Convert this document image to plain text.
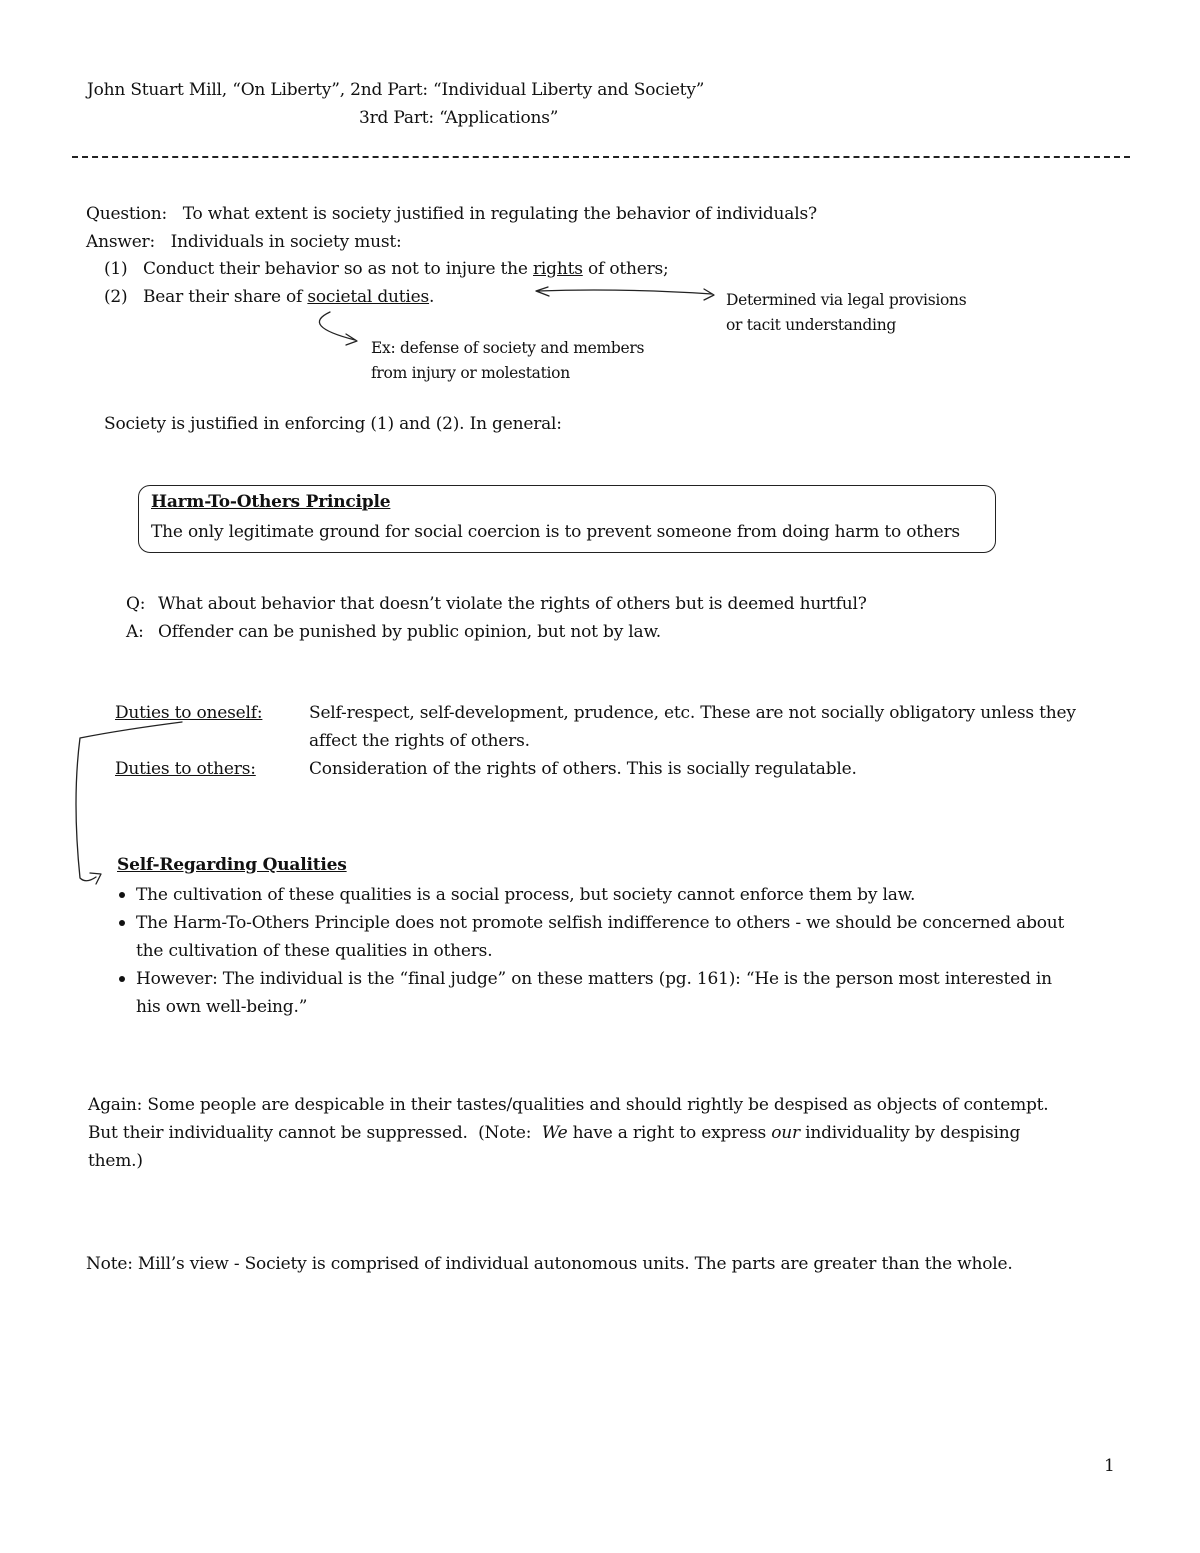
John Stuart Mill, “On Liberty”, 2nd Part: “Individual Liberty and Society”
3rd Part: “Applications”
Question: To what extent is society justified in regulating the behavior of individuals?
Answer: Individuals in society must:
(1) Conduct their behavior so as not to injure the rights of others;
(2) Bear their share of societal duties.	Determined via legal provisions
or tacit understanding
Ex: defense of society and members
from injury or molestation
Society is justified in enforcing (1) and (2). In general:
Harm-To-Others Principle
The only legitimate ground for social coercion is to prevent someone from doing harm to others
Q: What about behavior that doesn’t violate the rights of others but is deemed hurtful?
A: Offender can be punished by public opinion, but not by law.
Duties to oneself:	Self-respect, self-development, prudence, etc. These are not socially obligatory unless they
affect the rights of others.
Duties to others:	Consideration of the rights of others. This is socially regulatable.
Self-Regarding Qualities
The cultivation of these qualities is a social process, but society cannot enforce them by law.
The Harm-To-Others Principle does not promote selfish indifference to others - we should be concerned about
the cultivation of these qualities in others.
However: The individual is the “final judge” on these matters (pg. 161): “He is the person most interested in
his own well-being.”
Again: Some people are despicable in their tastes/qualities and should rightly be despised as objects of contempt.
But their individuality cannot be suppressed.  (Note:  We have a right to express our individuality by despising
them.)
Note: Mill’s view - Society is comprised of individual autonomous units. The parts are greater than the whole.
1
